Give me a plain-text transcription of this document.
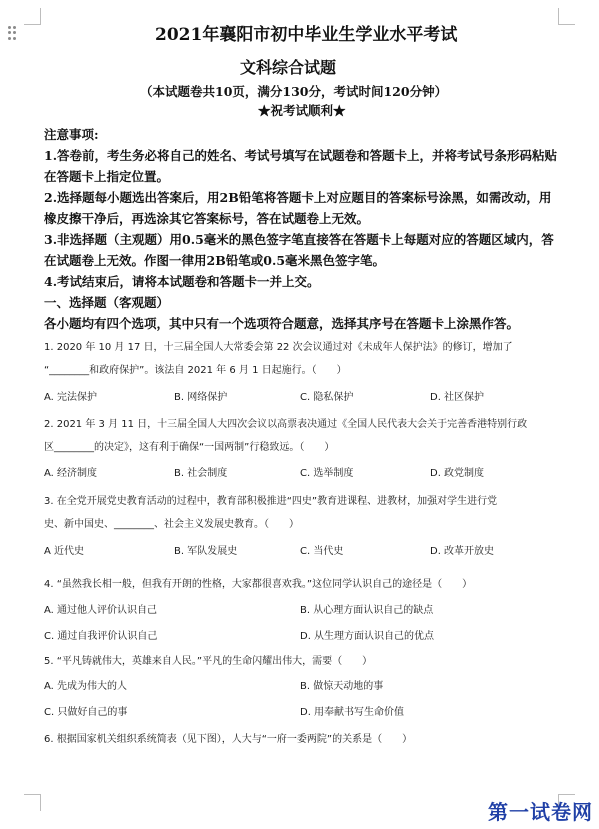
2021年襄阳市初中毕业生学业水平考试
文科综合试题
（本试题卷共10页，满分130分，考试时间120分钟）
★祝考试顺利★
注意事项:
1.答卷前，考生务必将自己的姓名、考试号填写在试题卷和答题卡上，并将考试号条形码粘贴
在答题卡上指定位置。
2.选择题每小题选出答案后，用2B铅笔将答题卡上对应题目的答案标号涂黑，如需改动，用
橡皮擦干净后，再选涂其它答案标号，答在试题卷上无效。
3.非选择题（主观题）用0.5毫米的黑色签字笔直接答在答题卡上每题对应的答题区域内，答
在试题卷上无效。作图一律用2B铅笔或0.5毫米黑色签字笔。
4.考试结束后，请将本试题卷和答题卡一并上交。
一、选择题（客观题）
各小题均有四个选项，其中只有一个选项符合题意，选择其序号在答题卡上涂黑作答。
1. 2020 年 10 月 17 日，十三届全国人大常委会第 22 次会议通过对《未成年人保护法》的修订，增加了
“________和政府保护”。该法自 2021 年 6 月 1 日起施行。（　　）
A. 完法保护	B. 网络保护	C. 隐私保护	D. 社区保护
2. 2021 年 3 月 11 日，十三届全国人大四次会议以高票表决通过《全国人民代表大会关于完善香港特别行政
区________的决定》，这有利于确保“一国两制”行稳致远。（　　）
A. 经济制度	B. 社会制度	C. 选举制度	D. 政党制度
3. 在全党开展党史教育活动的过程中，教育部积极推进“四史”教育进课程、进教材，加强对学生进行党
史、新中国史、________、社会主义发展史教育。（　　）
A 近代史	B. 军队发展史	C. 当代史	D. 改革开放史
4. “虽然我长相一般，但我有开朗的性格，大家都很喜欢我。”这位同学认识自己的途径是（　　）
A. 通过他人评价认识自己	B. 从心理方面认识自己的缺点
C. 通过自我评价认识自己	D. 从生理方面认识自己的优点
5. “平凡铸就伟大，英雄来自人民。”平凡的生命闪耀出伟大，需要（　　）
A. 先成为伟大的人	B. 做惊天动地的事
C. 只做好自己的事	D. 用奉献书写生命价值
6. 根据国家机关组织系统简表（见下图），人大与“一府一委两院”的关系是（　　）
第一试卷网
